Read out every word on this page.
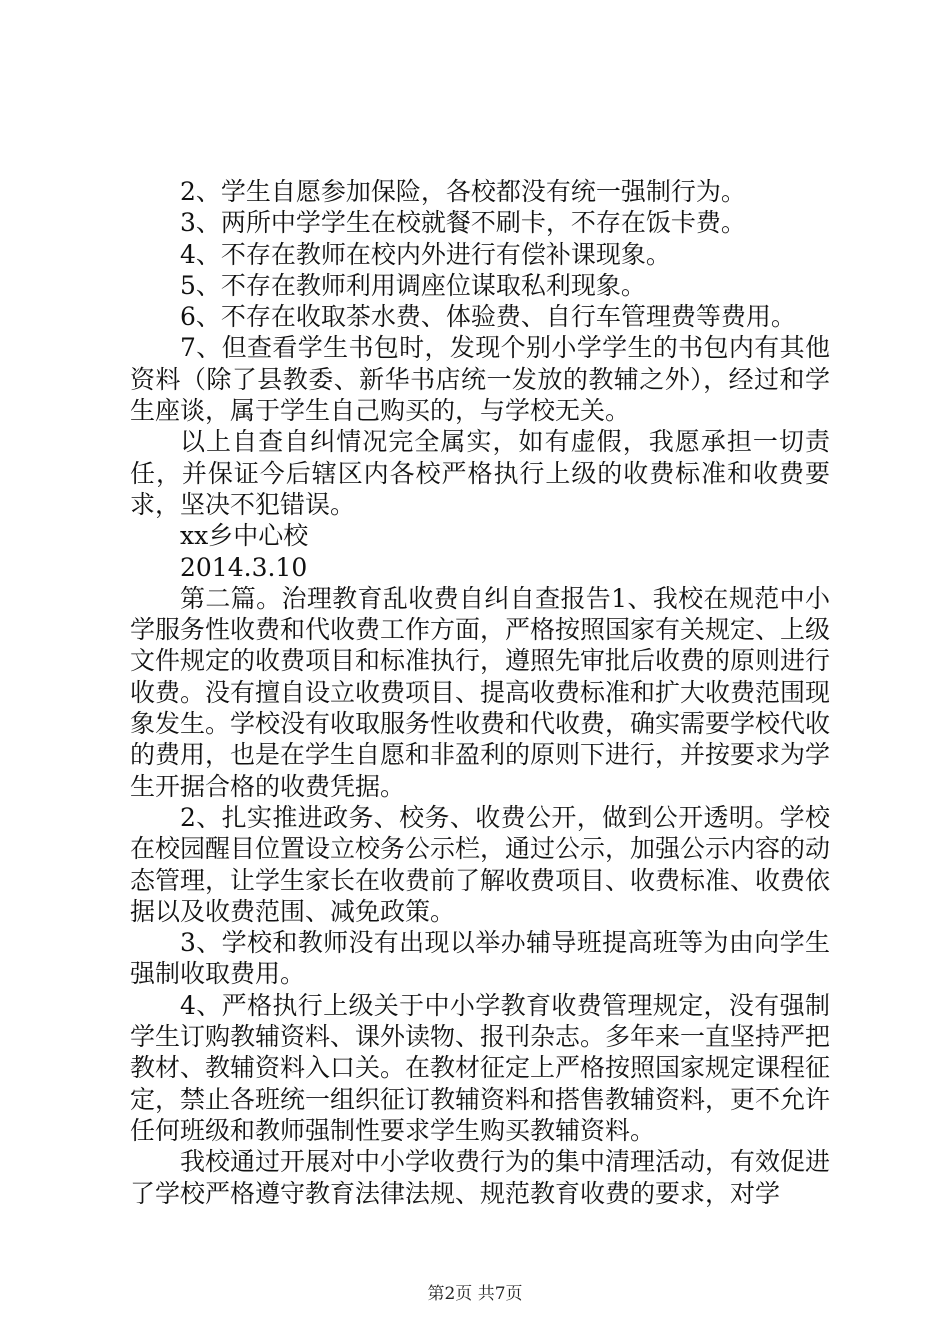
2、学生自愿参加保险，各校都没有统一强制行为。

3、两所中学学生在校就餐不刷卡，不存在饭卡费。

4、不存在教师在校内外进行有偿补课现象。

5、不存在教师利用调座位谋取私利现象。

6、不存在收取茶水费、体验费、自行车管理费等费用。

7、但查看学生书包时，发现个别小学学生的书包内有其他资料（除了县教委、新华书店统一发放的教辅之外），经过和学生座谈，属于学生自己购买的，与学校无关。

以上自查自纠情况完全属实，如有虚假，我愿承担一切责任，并保证今后辖区内各校严格执行上级的收费标准和收费要求，坚决不犯错误。

xx乡中心校

2014.3.10

第二篇。治理教育乱收费自纠自查报告1、我校在规范中小学服务性收费和代收费工作方面，严格按照国家有关规定、上级文件规定的收费项目和标准执行，遵照先审批后收费的原则进行收费。没有擅自设立收费项目、提高收费标准和扩大收费范围现象发生。学校没有收取服务性收费和代收费，确实需要学校代收的费用，也是在学生自愿和非盈利的原则下进行，并按要求为学生开据合格的收费凭据。

2、扎实推进政务、校务、收费公开，做到公开透明。学校在校园醒目位置设立校务公示栏，通过公示，加强公示内容的动态管理，让学生家长在收费前了解收费项目、收费标准、收费依据以及收费范围、减免政策。

3、学校和教师没有出现以举办辅导班提高班等为由向学生强制收取费用。

4、严格执行上级关于中小学教育收费管理规定，没有强制学生订购教辅资料、课外读物、报刊杂志。多年来一直坚持严把教材、教辅资料入口关。在教材征定上严格按照国家规定课程征定，禁止各班统一组织征订教辅资料和搭售教辅资料，更不允许任何班级和教师强制性要求学生购买教辅资料。

我校通过开展对中小学收费行为的集中清理活动，有效促进了学校严格遵守教育法律法规、规范教育收费的要求，对学

第2页 共7页
